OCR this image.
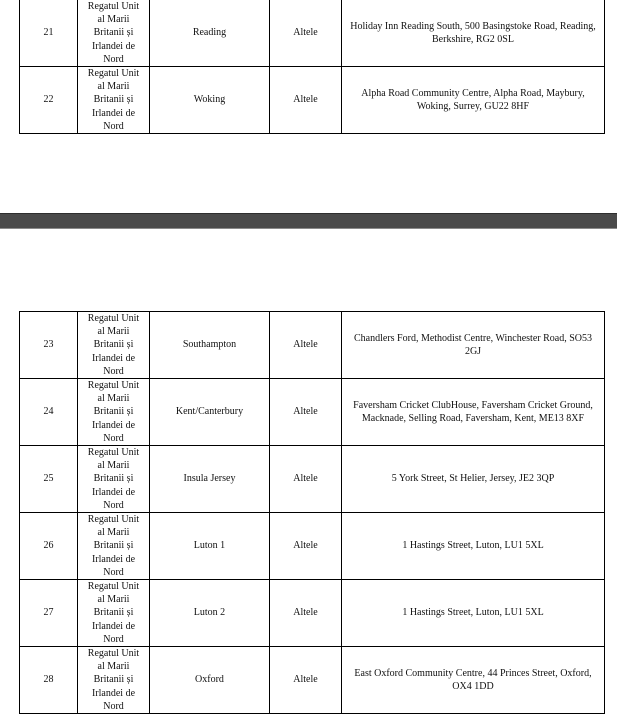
21	Regatul Unit
al Marii
Britanii și
Irlandei de
Nord	Reading	Altele	Holiday Inn Reading South, 500 Basingstoke Road, Reading, Berkshire, RG2 0SL
22	Regatul Unit
al Marii
Britanii și
Irlandei de
Nord	Woking	Altele	Alpha Road Community Centre, Alpha Road, Maybury, Woking, Surrey, GU22 8HF
23	Regatul Unit
al Marii
Britanii și
Irlandei de
Nord	Southampton	Altele	Chandlers Ford, Methodist Centre, Winchester Road, SO53 2GJ
24	Regatul Unit
al Marii
Britanii și
Irlandei de
Nord	Kent/Canterbury	Altele	Faversham Cricket ClubHouse, Faversham Cricket Ground, Macknade, Selling Road, Faversham, Kent, ME13 8XF
25	Regatul Unit
al Marii
Britanii și
Irlandei de
Nord	Insula Jersey	Altele	5 York Street, St Helier, Jersey, JE2 3QP
26	Regatul Unit
al Marii
Britanii și
Irlandei de
Nord	Luton 1	Altele	1 Hastings Street, Luton, LU1 5XL
27	Regatul Unit
al Marii
Britanii și
Irlandei de
Nord	Luton 2	Altele	1 Hastings Street, Luton, LU1 5XL
28	Regatul Unit
al Marii
Britanii și
Irlandei de
Nord	Oxford	Altele	East Oxford Community Centre, 44 Princes Street, Oxford, OX4 1DD
